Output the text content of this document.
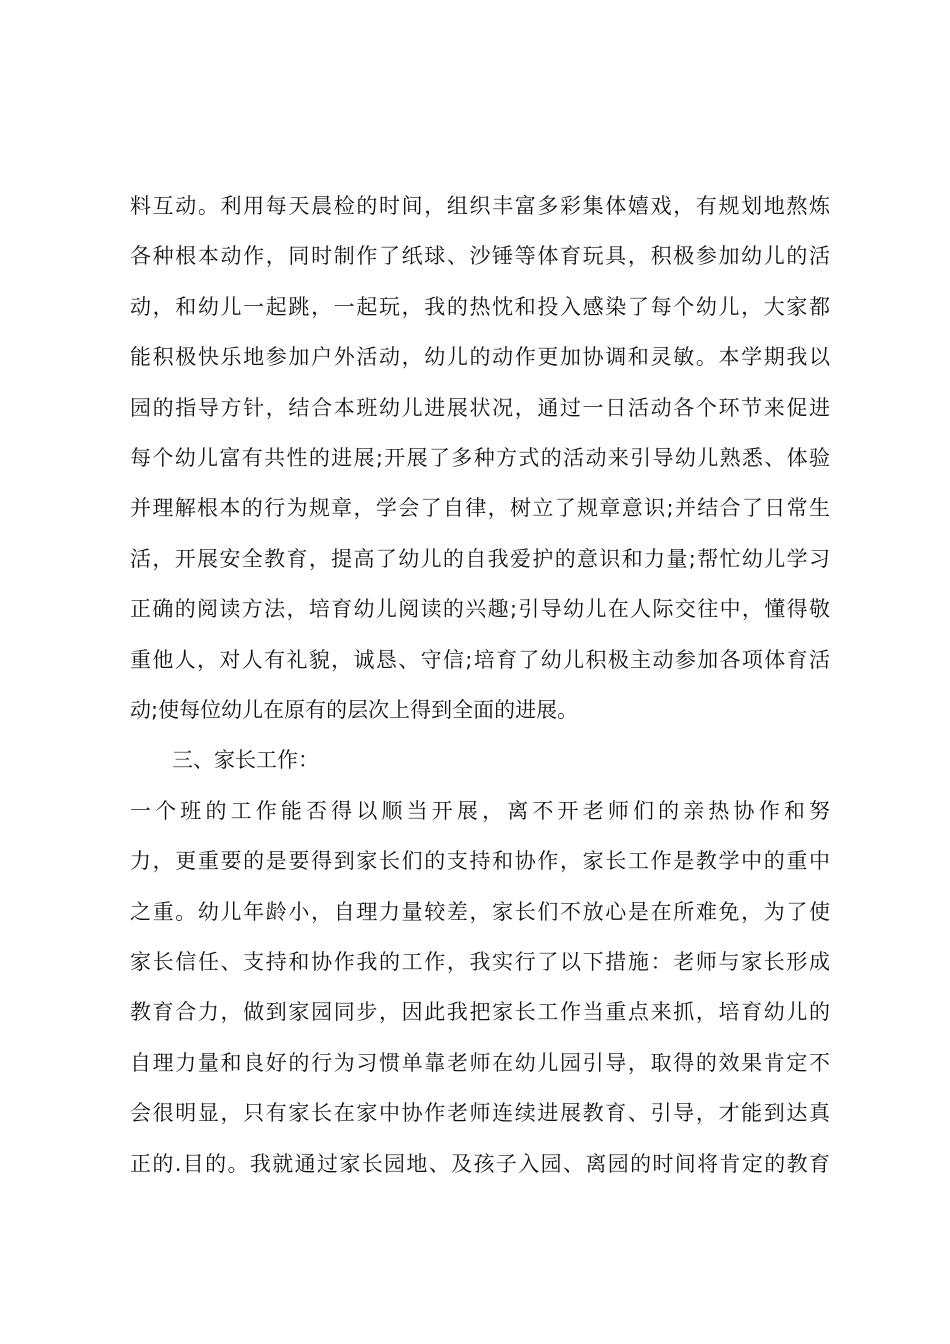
料互动。利用每天晨检的时间，组织丰富多彩集体嬉戏，有规划地熬炼
各种根本动作，同时制作了纸球、沙锤等体育玩具，积极参加幼儿的活
动，和幼儿一起跳，一起玩，我的热忱和投入感染了每个幼儿，大家都
能积极快乐地参加户外活动，幼儿的动作更加协调和灵敏。本学期我以
园的指导方针，结合本班幼儿进展状况，通过一日活动各个环节来促进
每个幼儿富有共性的进展;开展了多种方式的活动来引导幼儿熟悉、体验
并理解根本的行为规章，学会了自律，树立了规章意识;并结合了日常生
活，开展安全教育，提高了幼儿的自我爱护的意识和力量;帮忙幼儿学习
正确的阅读方法，培育幼儿阅读的兴趣;引导幼儿在人际交往中，懂得敬
重他人，对人有礼貌，诚恳、守信;培育了幼儿积极主动参加各项体育活
动;使每位幼儿在原有的层次上得到全面的进展。
三、家长工作：
一个班的工作能否得以顺当开展，离不开老师们的亲热协作和努
力，更重要的是要得到家长们的支持和协作，家长工作是教学中的重中
之重。幼儿年龄小，自理力量较差，家长们不放心是在所难免，为了使
家长信任、支持和协作我的工作，我实行了以下措施：老师与家长形成
教育合力，做到家园同步，因此我把家长工作当重点来抓，培育幼儿的
自理力量和良好的行为习惯单靠老师在幼儿园引导，取得的效果肯定不
会很明显，只有家长在家中协作老师连续进展教育、引导，才能到达真
正的.目的。我就通过家长园地、及孩子入园、离园的时间将肯定的教育
